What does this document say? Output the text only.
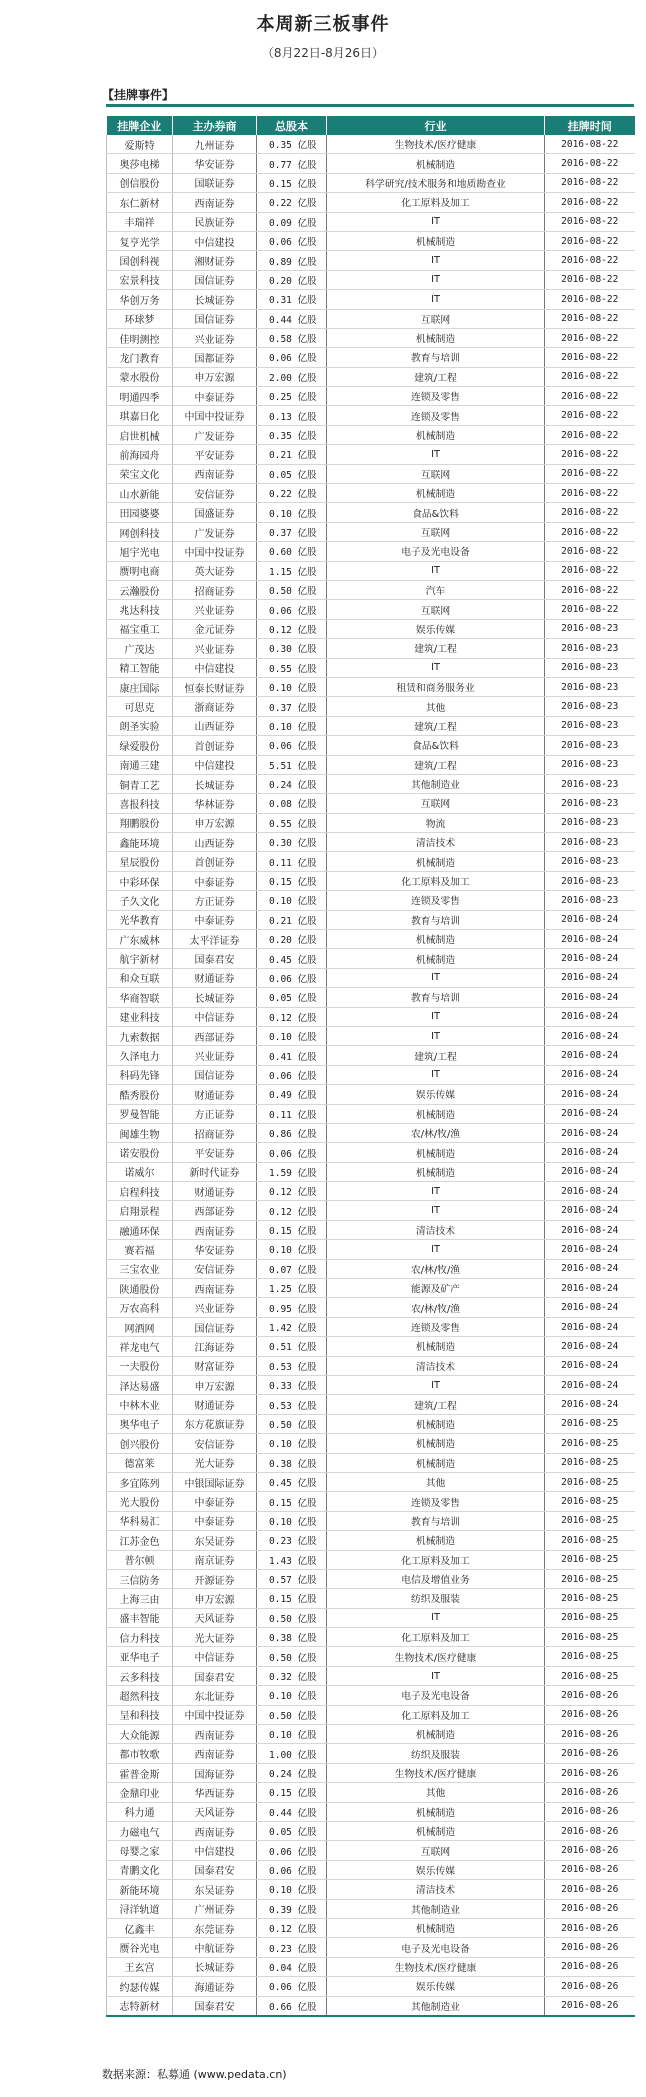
本周新三板事件
（8月22日-8月26日）
【挂牌事件】
挂牌企业	主办券商	总股本	行业	挂牌时间
爱斯特	九州证券	0.35 亿股	生物技术/医疗健康	2016-08-22
奥莎电梯	华安证券	0.77 亿股	机械制造	2016-08-22
创信股份	国联证券	0.15 亿股	科学研究/技术服务和地质勘查业	2016-08-22
东仁新材	西南证券	0.22 亿股	化工原料及加工	2016-08-22
丰瑞祥	民族证券	0.09 亿股	IT	2016-08-22
复亨光学	中信建投	0.06 亿股	机械制造	2016-08-22
国创科视	湘财证券	0.89 亿股	IT	2016-08-22
宏景科技	国信证券	0.20 亿股	IT	2016-08-22
华创万务	长城证券	0.31 亿股	IT	2016-08-22
环球梦	国信证券	0.44 亿股	互联网	2016-08-22
佳明测控	兴业证券	0.58 亿股	机械制造	2016-08-22
龙门教育	国都证券	0.06 亿股	教育与培训	2016-08-22
蒙水股份	申万宏源	2.00 亿股	建筑/工程	2016-08-22
明通四季	中泰证券	0.25 亿股	连锁及零售	2016-08-22
琪嘉日化	中国中投证券	0.13 亿股	连锁及零售	2016-08-22
启世机械	广发证券	0.35 亿股	机械制造	2016-08-22
前海园舟	平安证券	0.21 亿股	IT	2016-08-22
荣宝文化	西南证券	0.05 亿股	互联网	2016-08-22
山水新能	安信证券	0.22 亿股	机械制造	2016-08-22
田园婆婆	国盛证券	0.10 亿股	食品&饮料	2016-08-22
网创科技	广发证券	0.37 亿股	互联网	2016-08-22
旭宇光电	中国中投证券	0.60 亿股	电子及光电设备	2016-08-22
赝明电商	英大证券	1.15 亿股	IT	2016-08-22
云瀚股份	招商证券	0.50 亿股	汽车	2016-08-22
兆达科技	兴业证券	0.06 亿股	互联网	2016-08-22
福宝重工	金元证券	0.12 亿股	娱乐传媒	2016-08-23
广茂达	兴业证券	0.30 亿股	建筑/工程	2016-08-23
精工智能	中信建投	0.55 亿股	IT	2016-08-23
康庄国际	恒泰长财证券	0.10 亿股	租赁和商务服务业	2016-08-23
可思克	浙商证券	0.37 亿股	其他	2016-08-23
朗圣实验	山西证券	0.10 亿股	建筑/工程	2016-08-23
绿爱股份	首创证券	0.06 亿股	食品&饮料	2016-08-23
南通三建	中信建投	5.51 亿股	建筑/工程	2016-08-23
铜青工艺	长城证券	0.24 亿股	其他制造业	2016-08-23
喜报科技	华林证券	0.08 亿股	互联网	2016-08-23
翔鹏股份	申万宏源	0.55 亿股	物流	2016-08-23
鑫能环境	山西证券	0.30 亿股	清洁技术	2016-08-23
星辰股份	首创证券	0.11 亿股	机械制造	2016-08-23
中彩环保	中泰证券	0.15 亿股	化工原料及加工	2016-08-23
子久文化	方正证券	0.10 亿股	连锁及零售	2016-08-23
光华教育	中泰证券	0.21 亿股	教育与培训	2016-08-24
广东威林	太平洋证券	0.20 亿股	机械制造	2016-08-24
航宇新材	国泰君安	0.45 亿股	机械制造	2016-08-24
和众互联	财通证券	0.06 亿股	IT	2016-08-24
华商智联	长城证券	0.05 亿股	教育与培训	2016-08-24
建业科技	中信证券	0.12 亿股	IT	2016-08-24
九索数据	西部证券	0.10 亿股	IT	2016-08-24
久泽电力	兴业证券	0.41 亿股	建筑/工程	2016-08-24
科码先锋	国信证券	0.06 亿股	IT	2016-08-24
酷秀股份	财通证券	0.49 亿股	娱乐传媒	2016-08-24
罗曼智能	方正证券	0.11 亿股	机械制造	2016-08-24
闽雄生物	招商证券	0.86 亿股	农/林/牧/渔	2016-08-24
诺安股份	平安证券	0.06 亿股	机械制造	2016-08-24
诺威尔	新时代证券	1.59 亿股	机械制造	2016-08-24
启程科技	财通证券	0.12 亿股	IT	2016-08-24
启翔景程	西部证券	0.12 亿股	IT	2016-08-24
融通环保	西南证券	0.15 亿股	清洁技术	2016-08-24
赛若福	华安证券	0.10 亿股	IT	2016-08-24
三宝农业	安信证券	0.07 亿股	农/林/牧/渔	2016-08-24
陕通股份	西南证券	1.25 亿股	能源及矿产	2016-08-24
万农高科	兴业证券	0.95 亿股	农/林/牧/渔	2016-08-24
网酒网	国信证券	1.42 亿股	连锁及零售	2016-08-24
祥龙电气	江海证券	0.51 亿股	机械制造	2016-08-24
一夫股份	财富证券	0.53 亿股	清洁技术	2016-08-24
泽达易盛	申万宏源	0.33 亿股	IT	2016-08-24
中林木业	财通证券	0.53 亿股	建筑/工程	2016-08-24
奥华电子	东方花旗证券	0.50 亿股	机械制造	2016-08-25
创兴股份	安信证券	0.10 亿股	机械制造	2016-08-25
德富莱	光大证券	0.38 亿股	机械制造	2016-08-25
多宜陈列	中银国际证券	0.45 亿股	其他	2016-08-25
光大股份	中泰证券	0.15 亿股	连锁及零售	2016-08-25
华科易汇	中泰证券	0.10 亿股	教育与培训	2016-08-25
江苏金色	东吴证券	0.23 亿股	机械制造	2016-08-25
普尔顿	南京证券	1.43 亿股	化工原料及加工	2016-08-25
三信防务	开源证券	0.57 亿股	电信及增值业务	2016-08-25
上海三由	申万宏源	0.15 亿股	纺织及服装	2016-08-25
盛丰智能	天风证券	0.50 亿股	IT	2016-08-25
信力科技	光大证券	0.38 亿股	化工原料及加工	2016-08-25
亚华电子	中信证券	0.50 亿股	生物技术/医疗健康	2016-08-25
云多科技	国泰君安	0.32 亿股	IT	2016-08-25
超然科技	东北证券	0.10 亿股	电子及光电设备	2016-08-26
呈和科技	中国中投证券	0.50 亿股	化工原料及加工	2016-08-26
大众能源	西南证券	0.10 亿股	机械制造	2016-08-26
都市牧歌	西南证券	1.00 亿股	纺织及服装	2016-08-26
霍普金斯	国海证券	0.24 亿股	生物技术/医疗健康	2016-08-26
金鼎印业	华西证券	0.15 亿股	其他	2016-08-26
科力通	天风证券	0.44 亿股	机械制造	2016-08-26
力磁电气	西南证券	0.05 亿股	机械制造	2016-08-26
母婴之家	中信建投	0.06 亿股	互联网	2016-08-26
青鹏文化	国泰君安	0.06 亿股	娱乐传媒	2016-08-26
新能环境	东吴证券	0.10 亿股	清洁技术	2016-08-26
浔洋轨道	广州证券	0.39 亿股	其他制造业	2016-08-26
亿鑫丰	东莞证券	0.12 亿股	机械制造	2016-08-26
赝谷光电	中航证券	0.23 亿股	电子及光电设备	2016-08-26
王玄宫	长城证券	0.04 亿股	生物技术/医疗健康	2016-08-26
约瑟传媒	海通证券	0.06 亿股	娱乐传媒	2016-08-26
志特新材	国泰君安	0.66 亿股	其他制造业	2016-08-26
数据来源：私募通 (www.pedata.cn)
